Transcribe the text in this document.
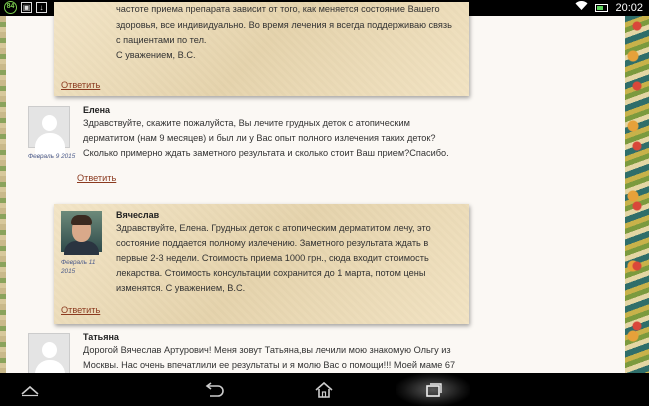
84	▣	↓	20:02
частоте приема препарата зависит от того, как меняется состояние Вашего
здоровья, все индивидуально. Во время лечения я всегда поддерживаю связь
с пациентами по тел.
С уважением, В.С.
Ответить
Февраль 9 2015
Елена
Здравствуйте, скажите пожалуйста, Вы лечите грудных деток с атопическим
дерматитом (нам 9 месяцев) и был ли у Вас опыт полного излечения таких деток?
Сколько примерно ждать заметного результата и сколько стоит Ваш прием?Спасибо.
Ответить
Февраль 11
2015
Вячеслав
Здравствуйте, Елена. Грудных деток с атопическим дерматитом лечу, это
состояние поддается полному излечению. Заметного результата ждать в
первые 2-3 недели. Стоимость приема 1000 грн., сюда входит стоимость
лекарства. Стоимость консультации сохранится до 1 марта, потом цены
изменятся. С уважением, В.С.
Ответить
Татьяна
Дорогой Вячеслав Артурович! Меня зовут Татьяна,вы лечили мою знакомую Ольгу из
Москвы. Нас очень впечатлили ее результаты и я молю Вас о помощи!!! Моей маме 67
